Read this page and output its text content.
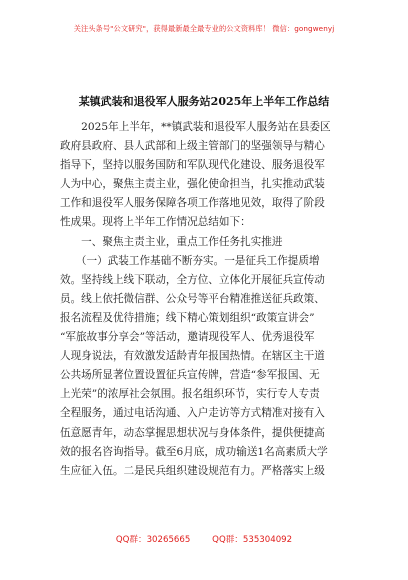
关注头条号"公文研究"，获得最新最全最专业的公文资料库！ 微信：gongwenyj
某镇武装和退役军人服务站2025年上半年工作总结
　　2025年上半年，**镇武装和退役军人服务站在县委区
政府县政府、县人武部和上级主管部门的坚强领导与精心
指导下，坚持以服务国防和军队现代化建设、服务退役军
人为中心，聚焦主责主业，强化使命担当，扎实推动武装
工作和退役军人服务保障各项工作落地见效，取得了阶段
性成果。现将上半年工作情况总结如下：
　　一、聚焦主责主业，重点工作任务扎实推进
　　（一）武装工作基础不断夯实。一是征兵工作提质增
效。坚持线上线下联动，全方位、立体化开展征兵宣传动
员。线上依托微信群、公众号等平台精准推送征兵政策、
报名流程及优待措施；线下精心策划组织“政策宣讲会”
“军旅故事分享会”等活动，邀请现役军人、优秀退役军
人现身说法，有效激发适龄青年报国热情。在辖区主干道
公共场所显著位置设置征兵宣传牌，营造“参军报国、无
上光荣”的浓厚社会氛围。报名组织环节，实行专人专责
全程服务，通过电话沟通、入户走访等方式精准对接有入
伍意愿青年，动态掌握思想状况与身体条件，提供便捷高
效的报名咨询指导。截至6月底，成功输送1名高素质大学
生应征入伍。二是民兵组织建设规范有力。严格落实上级
QQ群：30265665        QQ群：535304092
